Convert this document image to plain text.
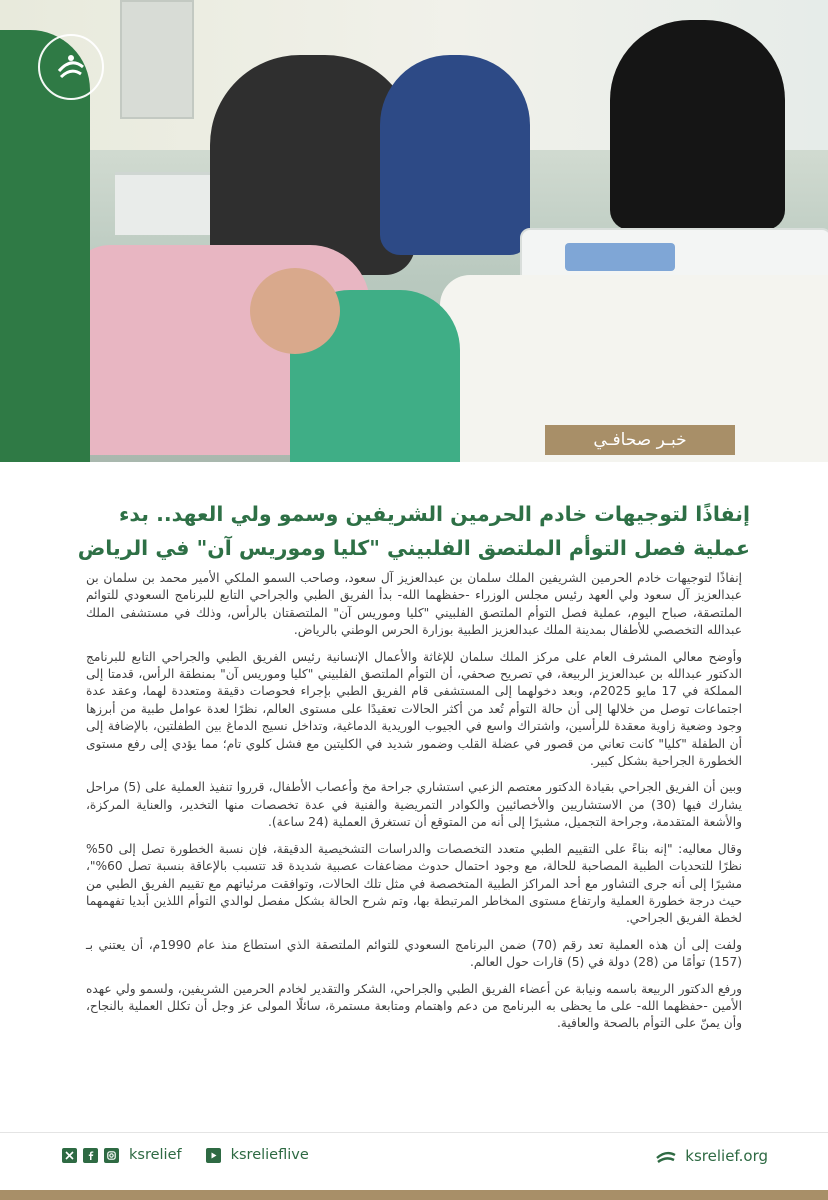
خبـر صحافـي
إنفاذًا لتوجيهات خادم الحرمين الشريفين وسمو ولي العهد.. بدء
عملية فصل التوأم الملتصق الفلبيني "كليا وموريس آن" في الرياض

إنفاذًا لتوجيهات خادم الحرمين الشريفين الملك سلمان بن عبدالعزيز آل سعود، وصاحب السمو الملكي الأمير محمد بن سلمان بن عبدالعزيز آل سعود ولي العهد رئيس مجلس الوزراء -حفظهما الله- بدأ الفريق الطبي والجراحي التابع للبرنامج السعودي للتوائم الملتصقة، صباح اليوم، عملية فصل التوأم الملتصق الفلبيني "كليا وموريس آن" الملتصقتان بالرأس، وذلك في مستشفى الملك عبدالله التخصصي للأطفال بمدينة الملك عبدالعزيز الطبية بوزارة الحرس الوطني بالرياض.

وأوضح معالي المشرف العام على مركز الملك سلمان للإغاثة والأعمال الإنسانية رئيس الفريق الطبي والجراحي التابع للبرنامج الدكتور عبدالله بن عبدالعزيز الربيعة، في تصريح صحفي، أن التوأم الملتصق الفلبيني "كليا وموريس آن" بمنطقة الرأس، قدمتا إلى المملكة في 17 مايو 2025م، وبعد دخولهما إلى المستشفى قام الفريق الطبي بإجراء فحوصات دقيقة ومتعددة لهما، وعقد عدة اجتماعات توصل من خلالها إلى أن حالة التوأم تُعد من أكثر الحالات تعقيدًا على مستوى العالم، نظرًا لعدة عوامل طبية من أبرزها وجود وضعية زاوية معقدة للرأسين، واشتراك واسع في الجيوب الوريدية الدماغية، وتداخل نسيج الدماغ بين الطفلتين، بالإضافة إلى أن الطفلة "كليا" كانت تعاني من قصور في عضلة القلب وضمور شديد في الكليتين مع فشل كلوي تام؛ مما يؤدي إلى رفع مستوى الخطورة الجراحية بشكل كبير.

وبين أن الفريق الجراحي بقيادة الدكتور معتصم الزعبي استشاري جراحة مخ وأعصاب الأطفال، قرروا تنفيذ العملية على (5) مراحل يشارك فيها (30) من الاستشاريين والأخصائيين والكوادر التمريضية والفنية في عدة تخصصات منها التخدير، والعناية المركزة، والأشعة المتقدمة، وجراحة التجميل، مشيرًا إلى أنه من المتوقع أن تستغرق العملية (24 ساعة).

وقال معاليه: "إنه بناءً على التقييم الطبي متعدد التخصصات والدراسات التشخيصية الدقيقة، فإن نسبة الخطورة تصل إلى 50% نظرًا للتحديات الطبية المصاحبة للحالة، مع وجود احتمال حدوث مضاعفات عصبية شديدة قد تتسبب بالإعاقة بنسبة تصل 60%"، مشيرًا إلى أنه جرى التشاور مع أحد المراكز الطبية المتخصصة في مثل تلك الحالات، وتوافقت مرئياتهم مع تقييم الفريق الطبي من حيث درجة خطورة العملية وارتفاع مستوى المخاطر المرتبطة بها، وتم شرح الحالة بشكل مفصل لوالدي التوأم اللذين أبديا تفهمهما لخطة الفريق الجراحي.

ولفت إلى أن هذه العملية تعد رقم (70) ضمن البرنامج السعودي للتوائم الملتصقة الذي استطاع منذ عام 1990م، أن يعتني بـ (157) توأمًا من (28) دولة في (5) قارات حول العالم.

ورفع الدكتور الربيعة باسمه ونيابة عن أعضاء الفريق الطبي والجراحي، الشكر والتقدير لخادم الحرمين الشريفين، ولسمو ولي عهده الأمين -حفظهما الله- على ما يحظى به البرنامج من دعم واهتمام ومتابعة مستمرة، سائلًا المولى عز وجل أن تكلل العملية بالنجاح، وأن يمنّ على التوأم بالصحة والعافية.

ksrelief	ksrelieflive	ksrelief.org
